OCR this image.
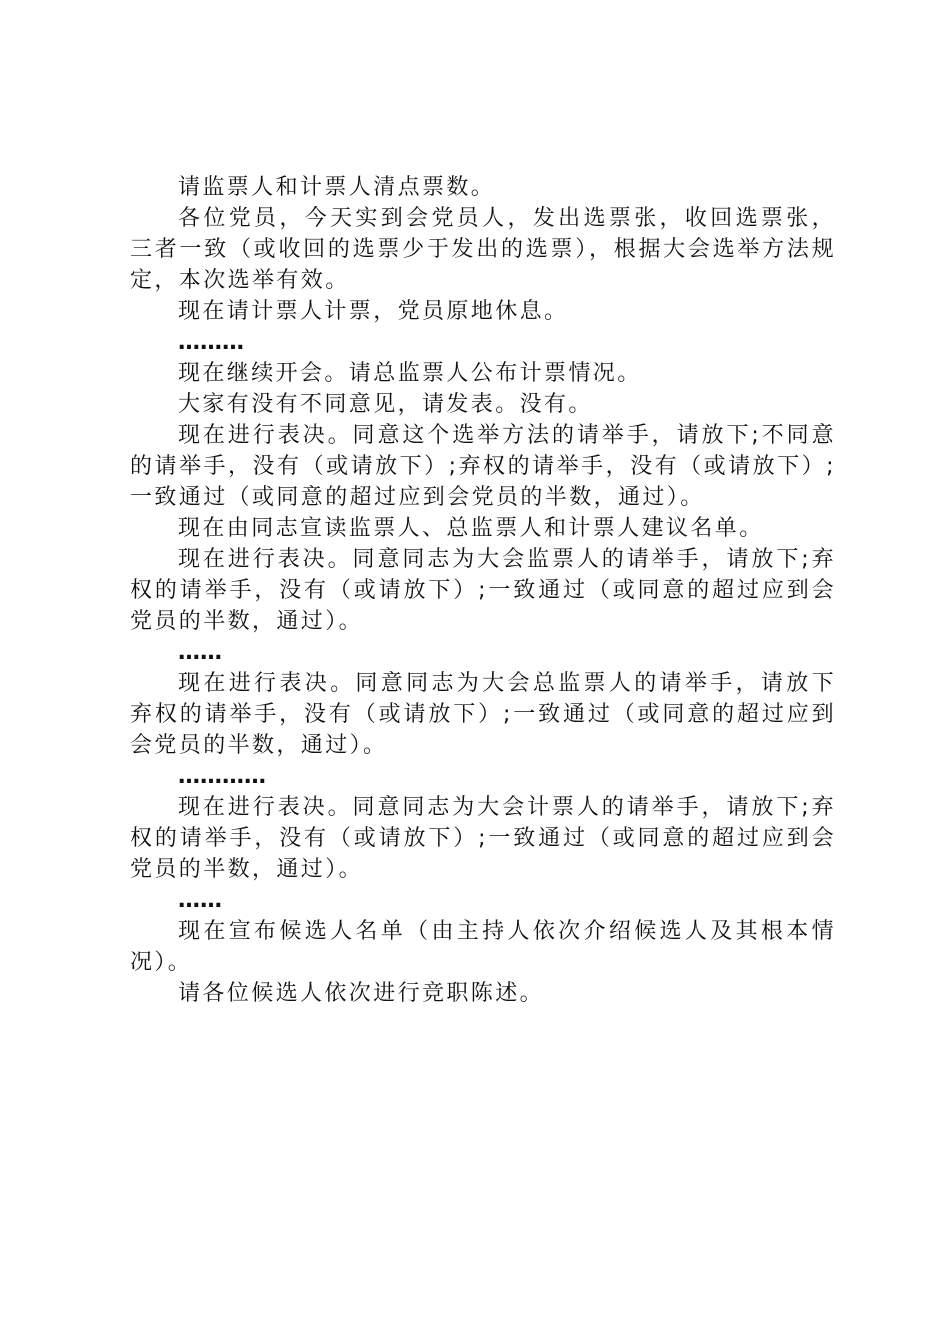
请监票人和计票人清点票数。

各位党员，今天实到会党员人，发出选票张，收回选票张，三者一致（或收回的选票少于发出的选票），根据大会选举方法规定，本次选举有效。

现在请计票人计票，党员原地休息。

………

现在继续开会。请总监票人公布计票情况。

大家有没有不同意见，请发表。没有。

现在进行表决。同意这个选举方法的请举手，请放下;不同意的请举手，没有（或请放下）;弃权的请举手，没有（或请放下）;一致通过（或同意的超过应到会党员的半数，通过）。

现在由同志宣读监票人、总监票人和计票人建议名单。

现在进行表决。同意同志为大会监票人的请举手，请放下;弃权的请举手，没有（或请放下）;一致通过（或同意的超过应到会党员的半数，通过）。

……

现在进行表决。同意同志为大会总监票人的请举手，请放下弃权的请举手，没有（或请放下）;一致通过（或同意的超过应到会党员的半数，通过）。

…………

现在进行表决。同意同志为大会计票人的请举手，请放下;弃权的请举手，没有（或请放下）;一致通过（或同意的超过应到会党员的半数，通过）。

……

现在宣布候选人名单（由主持人依次介绍候选人及其根本情况）。

请各位候选人依次进行竞职陈述。
